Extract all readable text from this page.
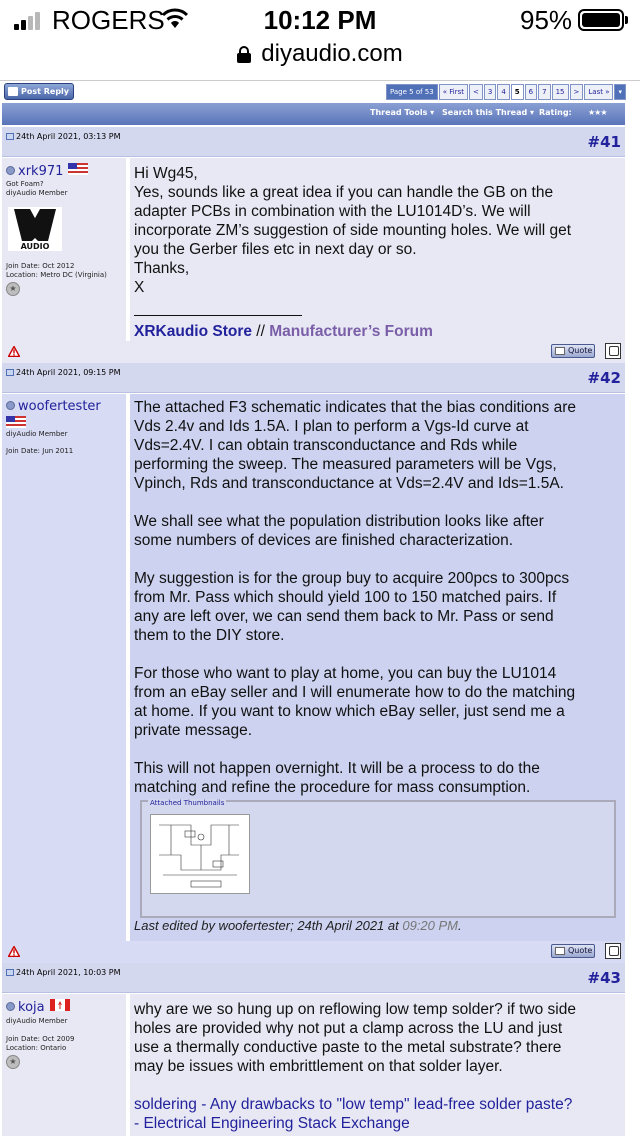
ROGERS	10:12 PM	95%
diyaudio.com
Post Reply	Page 5 of 53	« First	<	3	4	5	6	7	15	>	Last »	▾
Thread Tools ▾ Search this Thread ▾ Rating: ★★★
24th April 2021, 03:13 PM	#41
xrk971
Got Foam?
diyAudio Member
AUDIO
Join Date: Oct 2012
Location: Metro DC (Virginia)
★

Hi Wg45,

Yes, sounds like a great idea if you can handle the GB on the

adapter PCBs in combination with the LU1014D’s. We will

incorporate ZM’s suggestion of side mounting holes. We will get

you the Gerber files etc in next day or so.

Thanks,

X

XRKaudio Store // Manufacturer’s Forum

Quote
24th April 2021, 09:15 PM	#42
woofertester
diyAudio Member
Join Date: Jun 2011

The attached F3 schematic indicates that the bias conditions are

Vds 2.4v and Ids 1.5A. I plan to perform a Vgs-Id curve at

Vds=2.4V. I can obtain transconductance and Rds while

performing the sweep. The measured parameters will be Vgs,

Vpinch, Rds and transconductance at Vds=2.4V and Ids=1.5A.

We shall see what the population distribution looks like after

some numbers of devices are finished characterization.

My suggestion is for the group buy to acquire 200pcs to 300pcs

from Mr. Pass which should yield 100 to 150 matched pairs. If

any are left over, we can send them back to Mr. Pass or send

them to the DIY store.

For those who want to play at home, you can buy the LU1014

from an eBay seller and I will enumerate how to do the matching

at home. If you want to know which eBay seller, just send me a

private message.

This will not happen overnight. It will be a process to do the

matching and refine the procedure for mass consumption.

Attached Thumbnails
Last edited by woofertester; 24th April 2021 at 09:20 PM.
Quote
24th April 2021, 10:03 PM	#43
koja
diyAudio Member
Join Date: Oct 2009
Location: Ontario
★

why are we so hung up on reflowing low temp solder? if two side

holes are provided why not put a clamp across the LU and just

use a thermally conductive paste to the metal substrate? there

may be issues with embrittlement on that solder layer.

soldering - Any drawbacks to "low temp" lead-free solder paste?

- Electrical Engineering Stack Exchange
